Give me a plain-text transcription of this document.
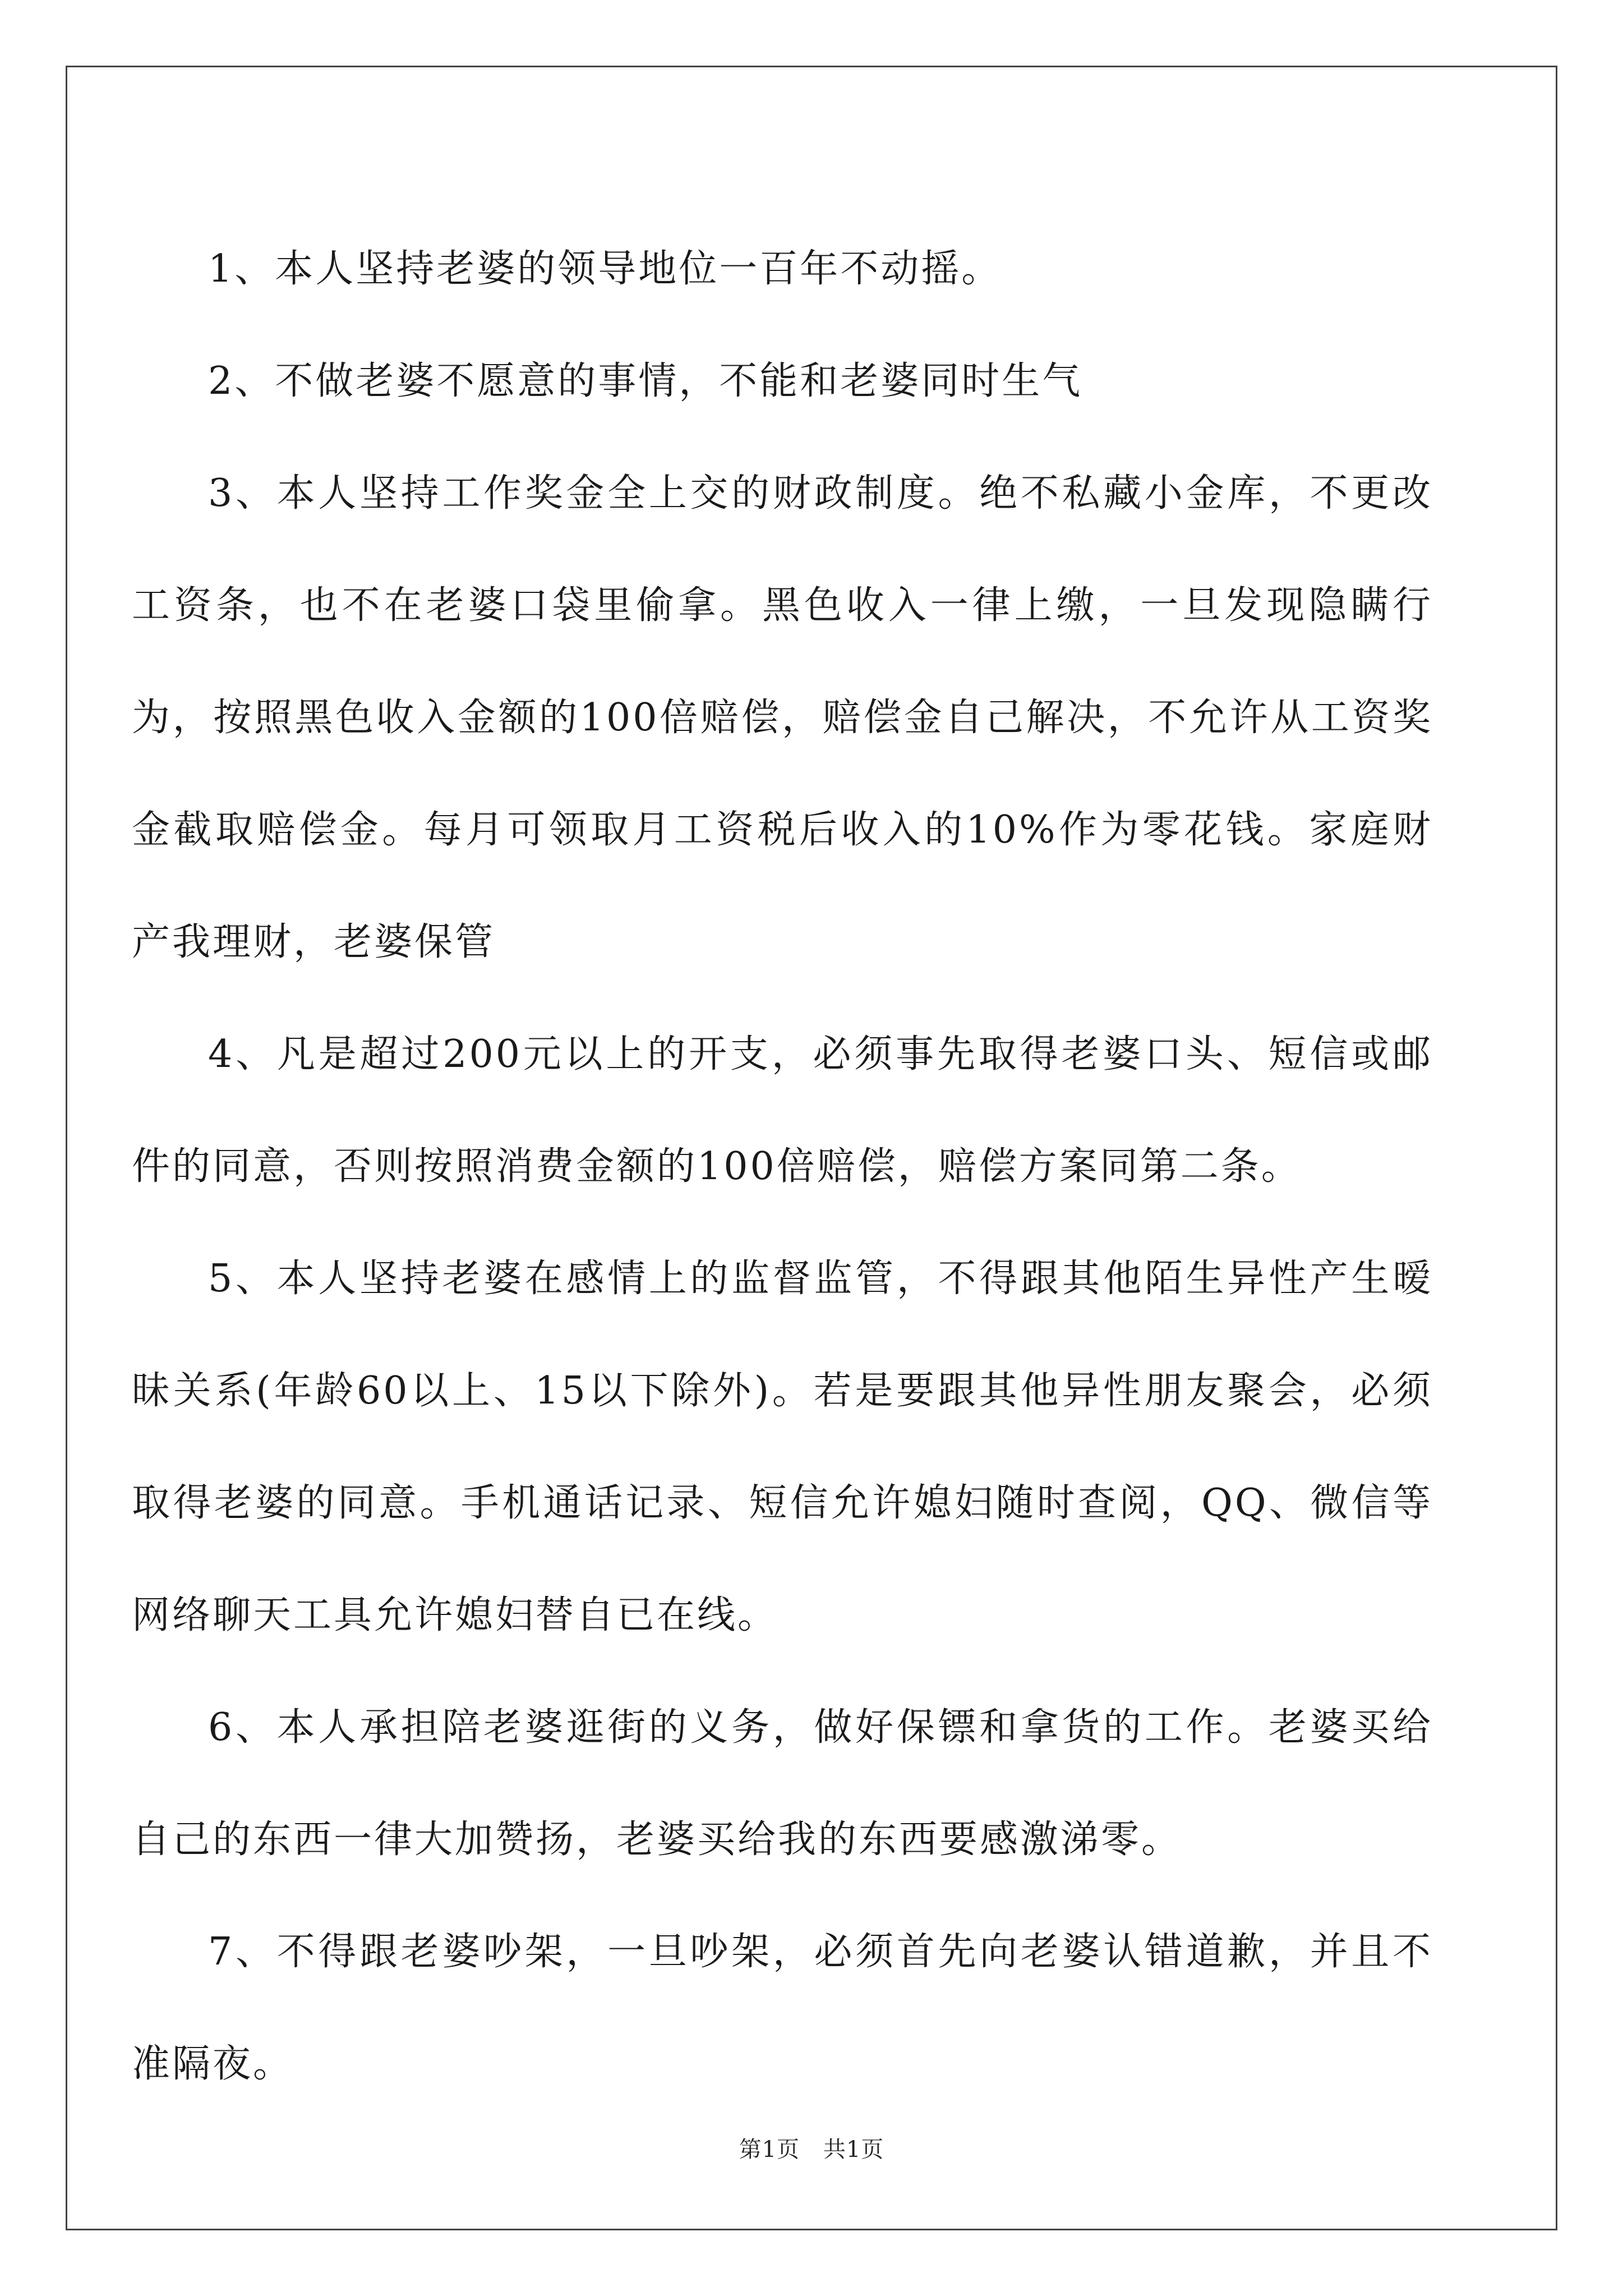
1、本人坚持老婆的领导地位一百年不动摇。

2、不做老婆不愿意的事情，不能和老婆同时生气

3、本人坚持工作奖金全上交的财政制度。绝不私藏小金库，不更改工资条，也不在老婆口袋里偷拿。黑色收入一律上缴，一旦发现隐瞒行为，按照黑色收入金额的100倍赔偿，赔偿金自己解决，不允许从工资奖金截取赔偿金。每月可领取月工资税后收入的10%作为零花钱。家庭财产我理财，老婆保管

4、凡是超过200元以上的开支，必须事先取得老婆口头、短信或邮件的同意，否则按照消费金额的100倍赔偿，赔偿方案同第二条。

5、本人坚持老婆在感情上的监督监管，不得跟其他陌生异性产生暧昧关系(年龄60以上、15以下除外)。若是要跟其他异性朋友聚会，必须取得老婆的同意。手机通话记录、短信允许媳妇随时查阅，QQ、微信等网络聊天工具允许媳妇替自已在线。

6、本人承担陪老婆逛街的义务，做好保镖和拿货的工作。老婆买给自己的东西一律大加赞扬，老婆买给我的东西要感激涕零。

7、不得跟老婆吵架，一旦吵架，必须首先向老婆认错道歉，并且不准隔夜。

第1页 共1页
